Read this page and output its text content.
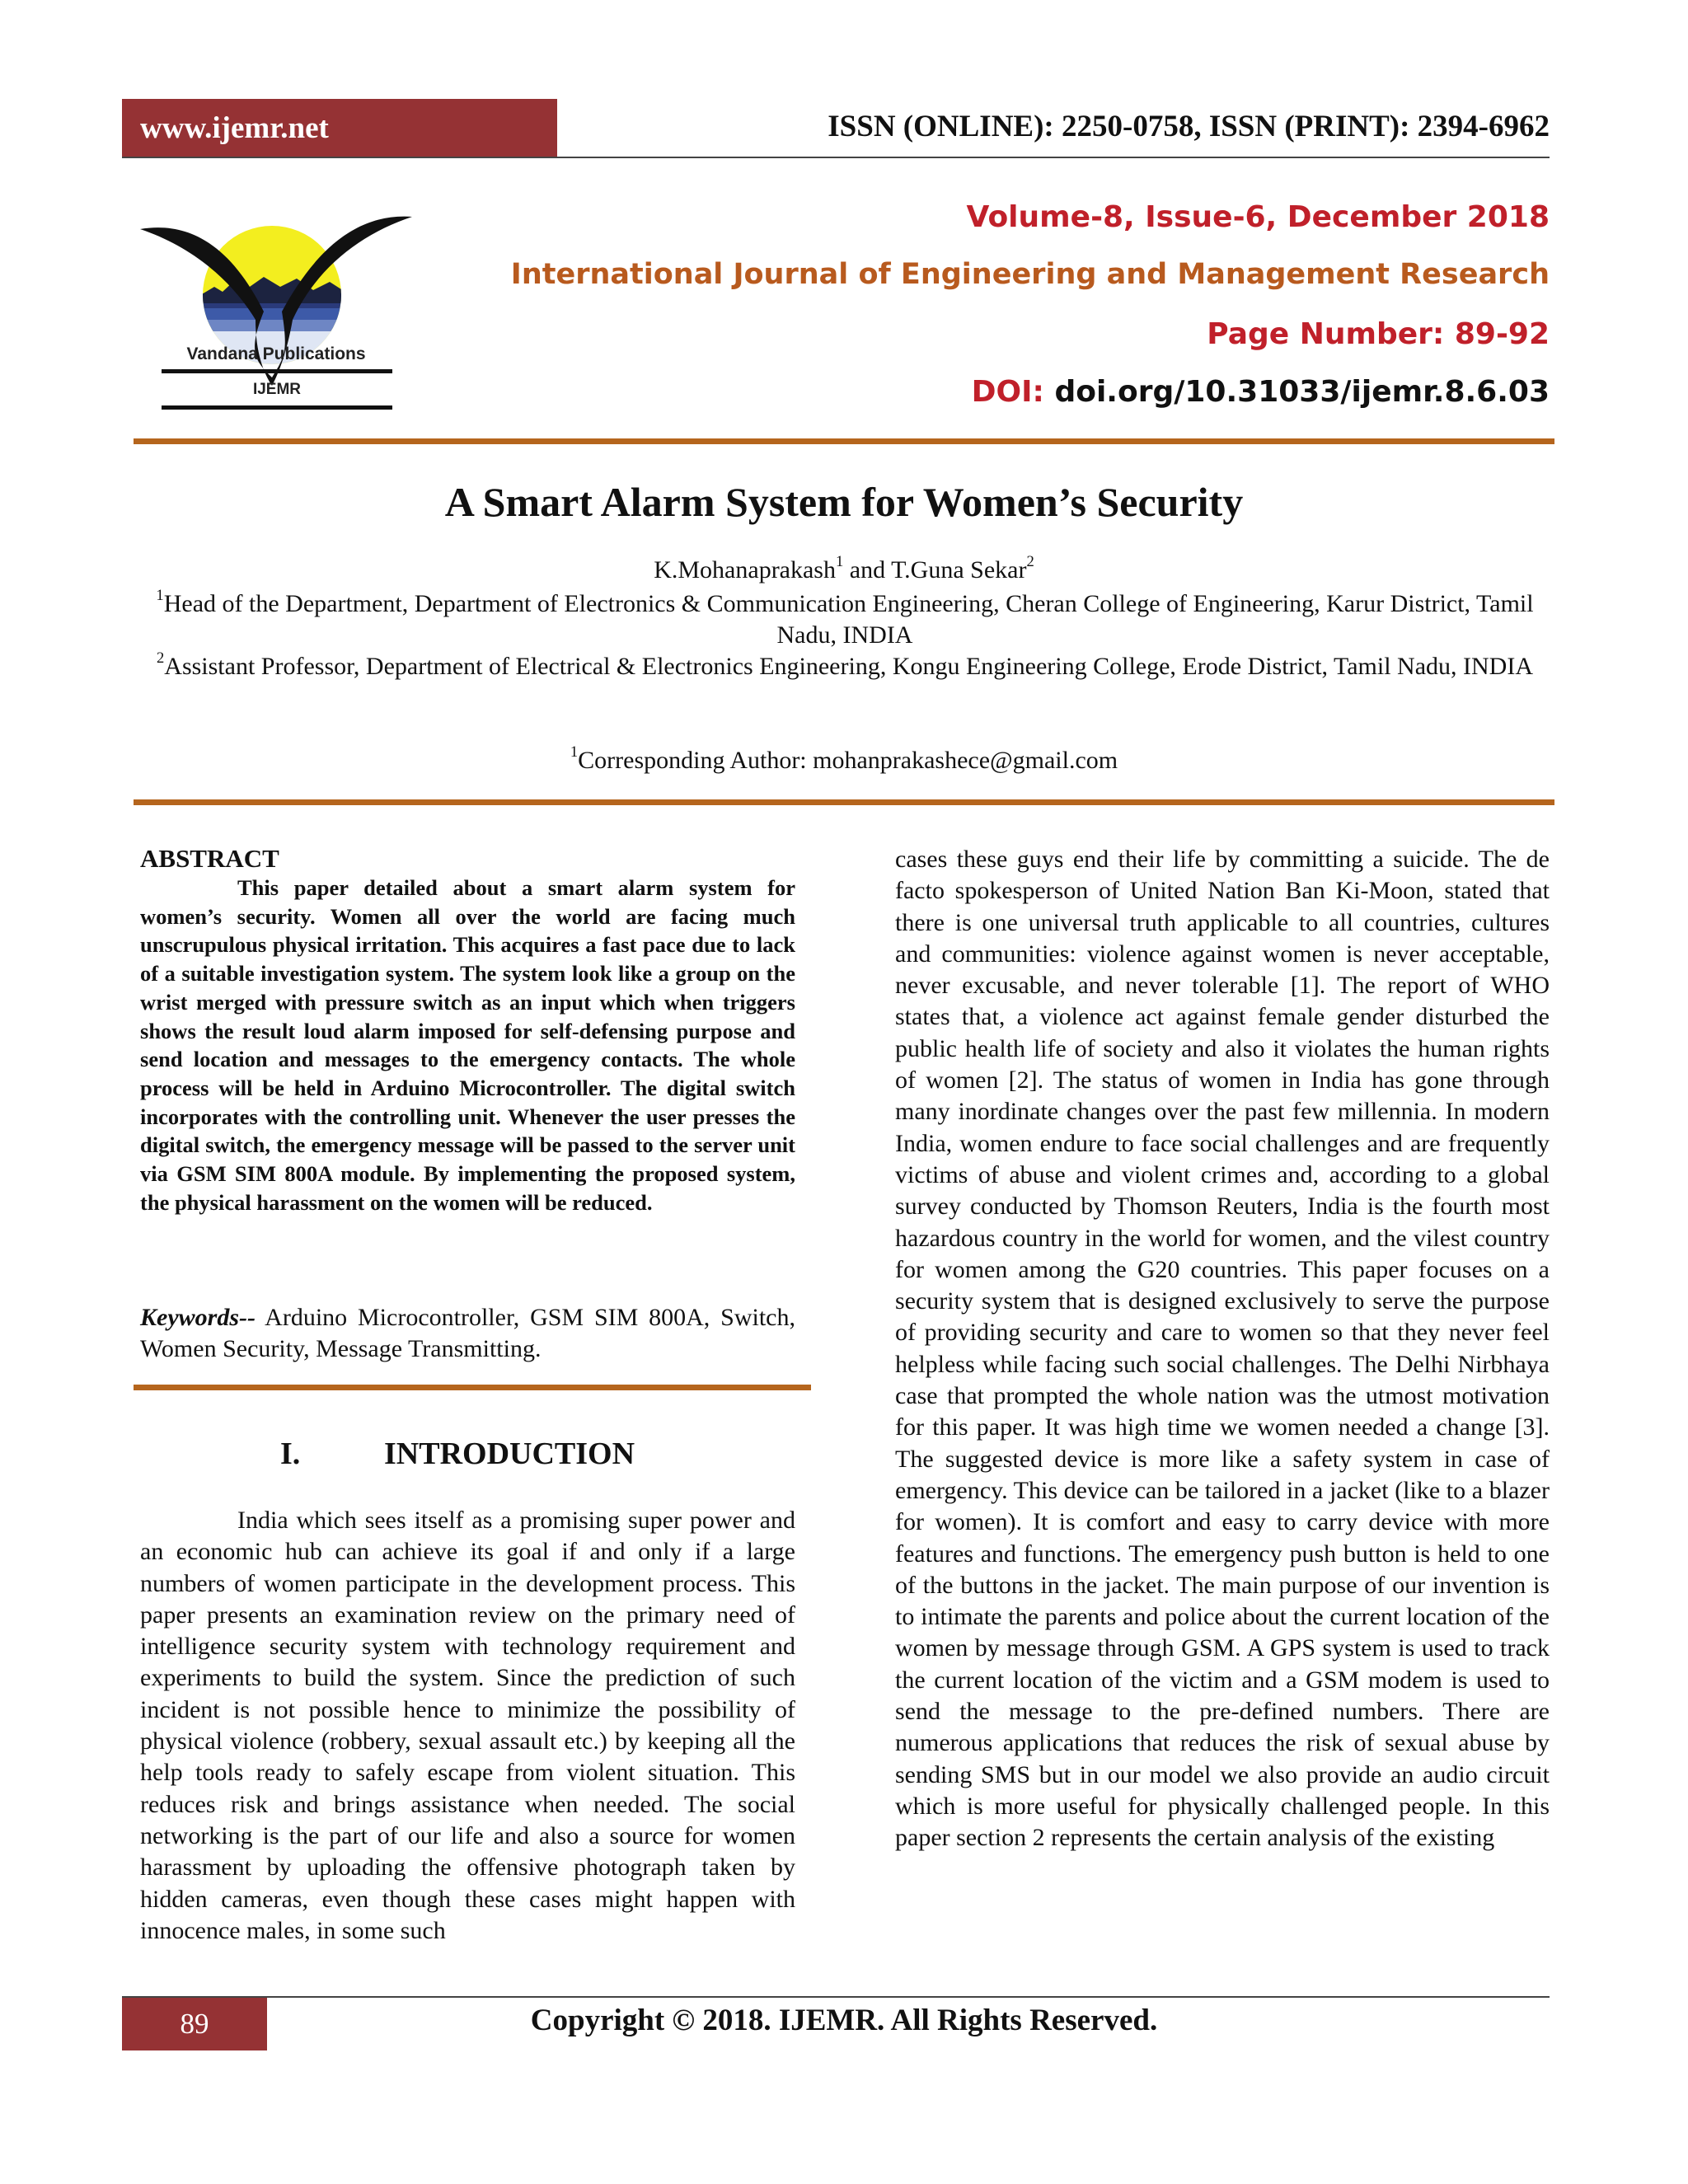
www.ijemr.net	ISSN (ONLINE): 2250-0758, ISSN (PRINT): 2394-6962
Vandana Publications
IJEMR
Volume-8, Issue-6, December 2018
International Journal of Engineering and Management Research
Page Number: 89-92
DOI: doi.org/10.31033/ijemr.8.6.03
A Smart Alarm System for Women’s Security
K.Mohanaprakash$^1$ and T.Guna Sekar$^2$
$^1$Head of the Department, Department of Electronics & Communication Engineering, Cheran College of Engineering, Karur District, Tamil Nadu, INDIA
$^2$Assistant Professor, Department of Electrical & Electronics Engineering, Kongu Engineering College, Erode District, Tamil Nadu, INDIA
$^1$Corresponding Author: mohanprakashece@gmail.com
ABSTRACT
This paper detailed about a smart alarm system for women’s security. Women all over the world are facing much unscrupulous physical irritation. This acquires a fast pace due to lack of a suitable investigation system. The system look like a group on the wrist merged with pressure switch as an input which when triggers shows the result loud alarm imposed for self-defensing purpose and send location and messages to the emergency contacts. The whole process will be held in Arduino Microcontroller. The digital switch incorporates with the controlling unit. Whenever the user presses the digital switch, the emergency message will be passed to the server unit via GSM SIM 800A module. By implementing the proposed system, the physical harassment on the women will be reduced.
Keywords-- Arduino Microcontroller, GSM SIM 800A, Switch, Women Security, Message Transmitting.
I.	INTRODUCTION
India which sees itself as a promising super power and an economic hub can achieve its goal if and only if a large numbers of women participate in the development process. This paper presents an examination review on the primary need of intelligence security system with technology requirement and experiments to build the system. Since the prediction of such incident is not possible hence to minimize the possibility of physical violence (robbery, sexual assault etc.) by keeping all the help tools ready to safely escape from violent situation. This reduces risk and brings assistance when needed. The social networking is the part of our life and also a source for women harassment by uploading the offensive photograph taken by hidden cameras, even though these cases might happen with innocence males, in some such
cases these guys end their life by committing a suicide. The de facto spokesperson of United Nation Ban Ki-Moon, stated that there is one universal truth applicable to all countries, cultures and communities: violence against women is never acceptable, never excusable, and never tolerable [1]. The report of WHO states that, a violence act against female gender disturbed the public health life of society and also it violates the human rights of women [2]. The status of women in India has gone through many inordinate changes over the past few millennia. In modern India, women endure to face social challenges and are frequently victims of abuse and violent crimes and, according to a global survey conducted by Thomson Reuters, India is the fourth most hazardous country in the world for women, and the vilest country for women among the G20 countries. This paper focuses on a security system that is designed exclusively to serve the purpose of providing security and care to women so that they never feel helpless while facing such social challenges. The Delhi Nirbhaya case that prompted the whole nation was the utmost motivation for this paper. It was high time we women needed a change [3]. The suggested device is more like a safety system in case of emergency. This device can be tailored in a jacket (like to a blazer for women). It is comfort and easy to carry device with more features and functions. The emergency push button is held to one of the buttons in the jacket. The main purpose of our invention is to intimate the parents and police about the current location of the women by message through GSM. A GPS system is used to track the current location of the victim and a GSM modem is used to send the message to the pre-defined numbers. There are numerous applications that reduces the risk of sexual abuse by sending SMS but in our model we also provide an audio circuit which is more useful for physically challenged people. In this paper section 2 represents the certain analysis of the existing
89	Copyright © 2018. IJEMR. All Rights Reserved.
